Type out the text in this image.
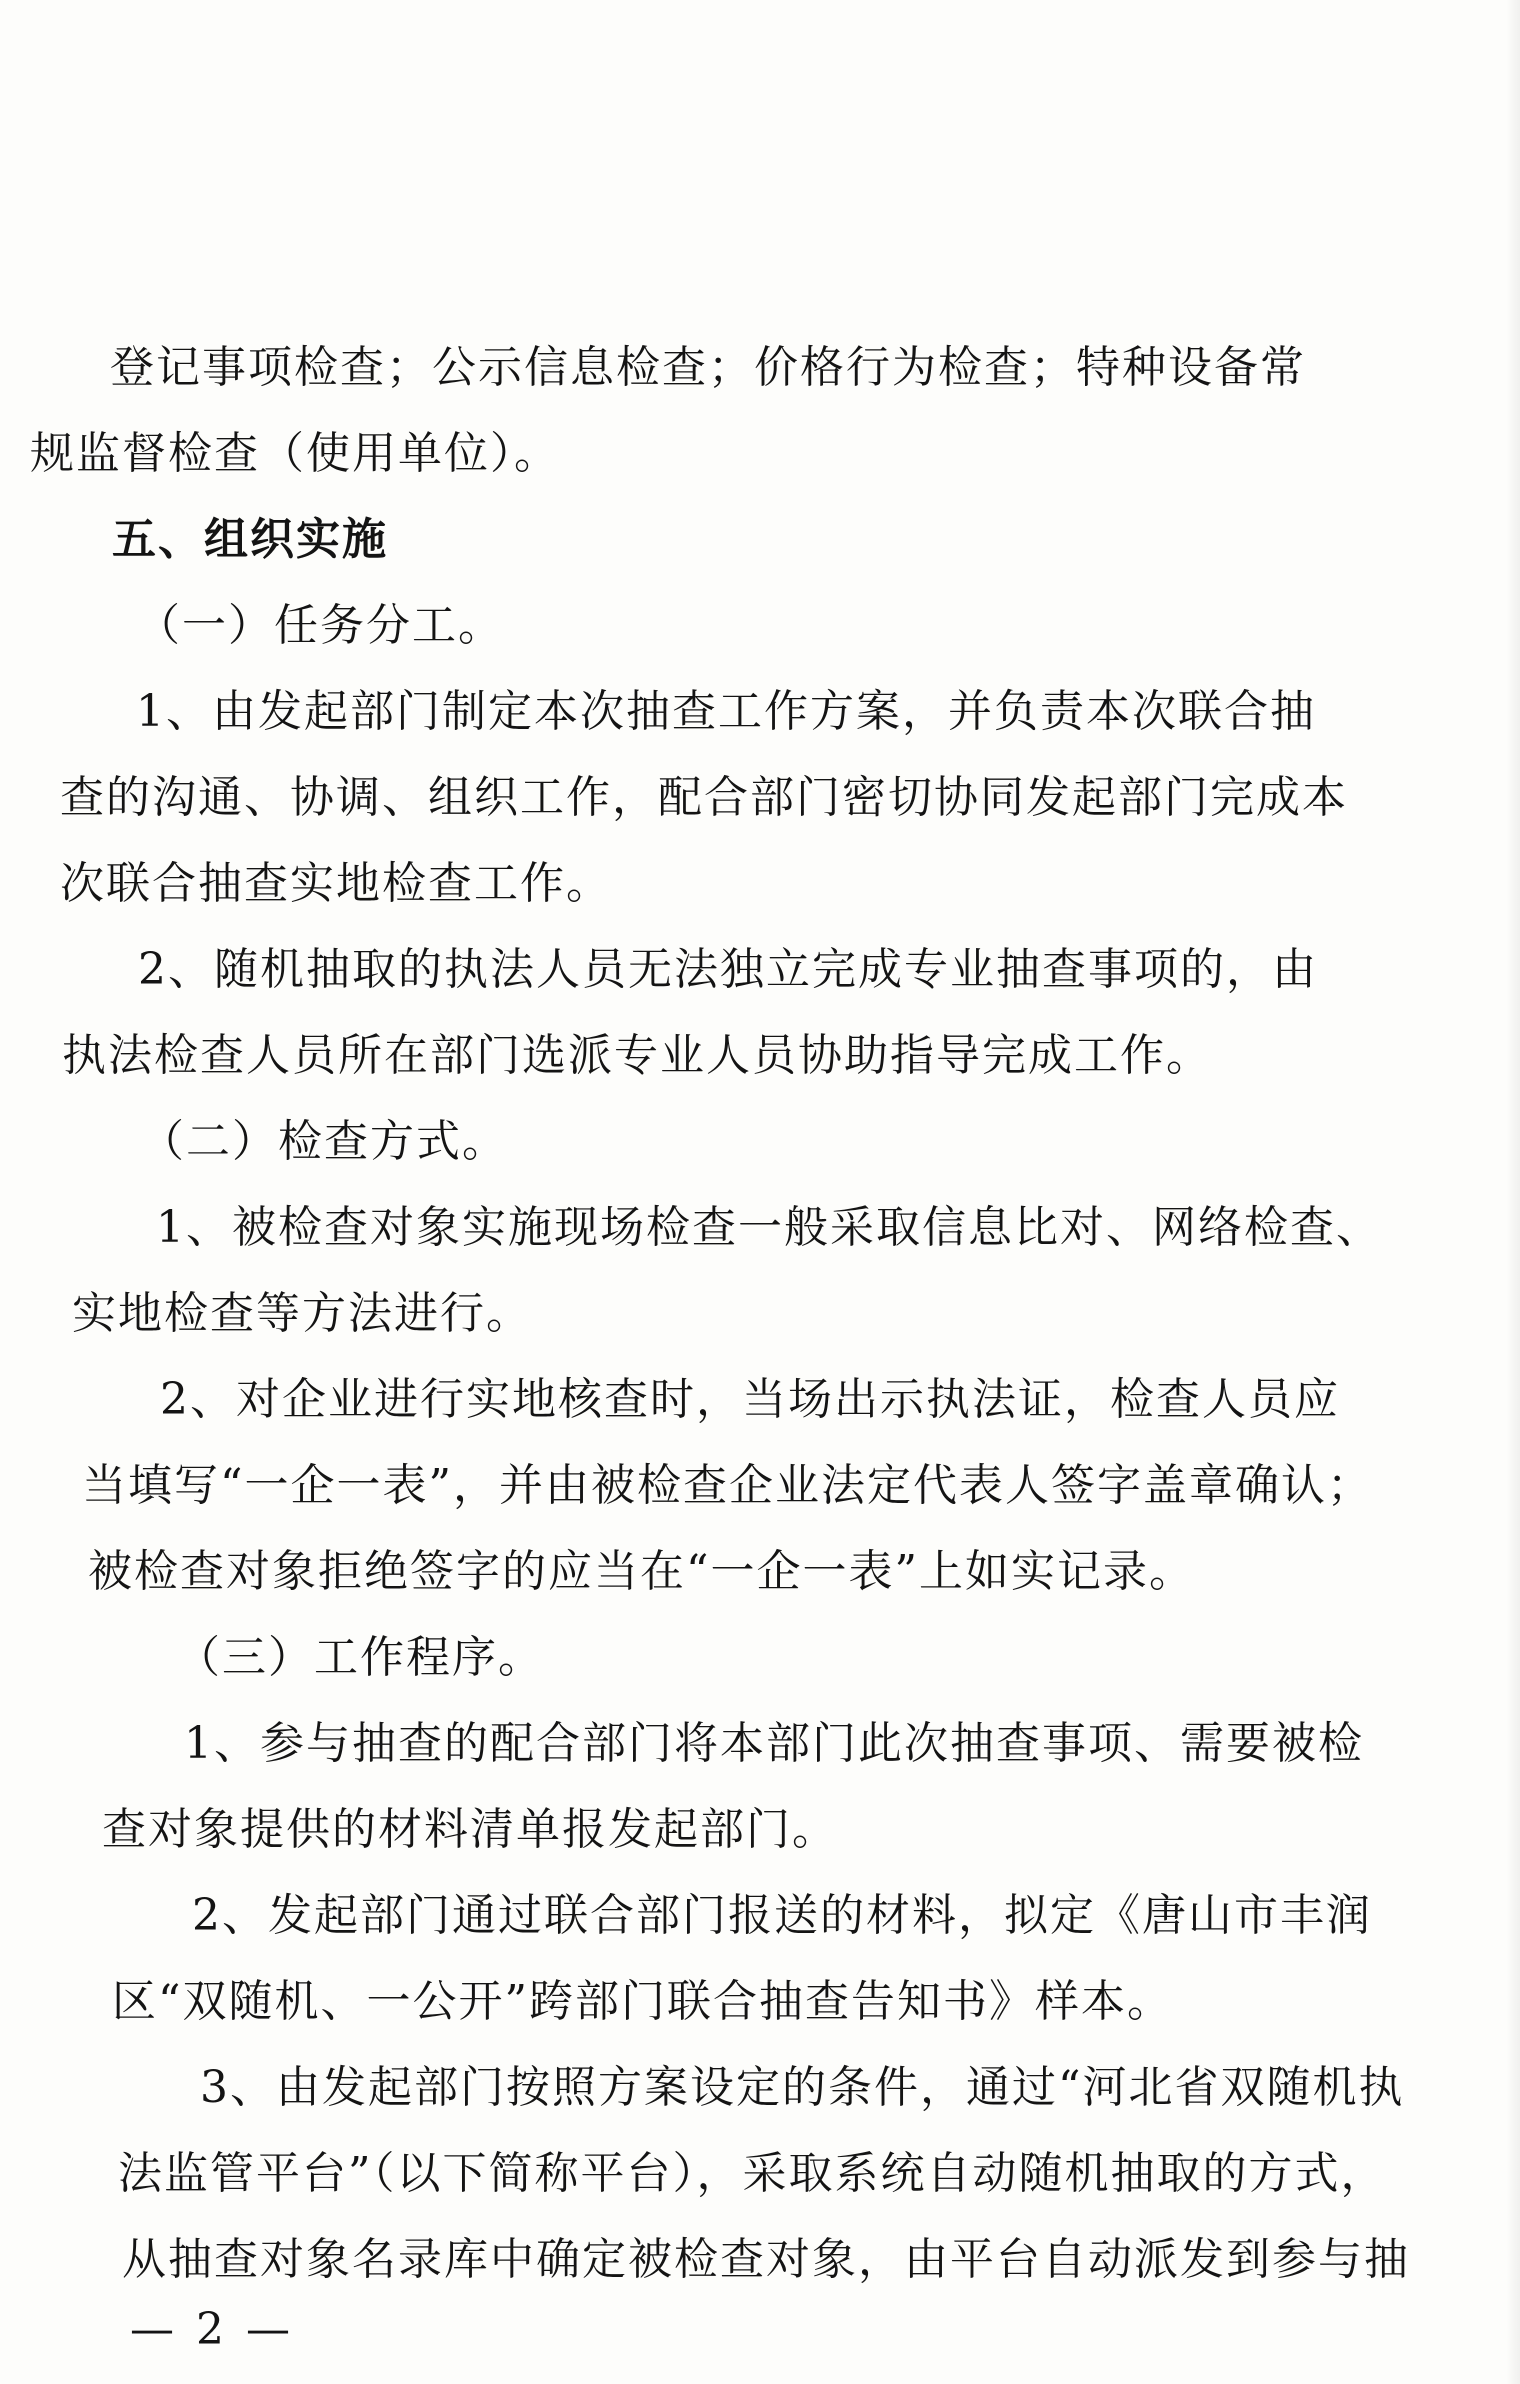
登记事项检查；公示信息检查；价格行为检查；特种设备常
规监督检查（使用单位）。
五、组织实施
（一）任务分工。
1、由发起部门制定本次抽查工作方案，并负责本次联合抽
查的沟通、协调、组织工作，配合部门密切协同发起部门完成本
次联合抽查实地检查工作。
2、随机抽取的执法人员无法独立完成专业抽查事项的，由
执法检查人员所在部门选派专业人员协助指导完成工作。
（二）检查方式。
1、被检查对象实施现场检查一般采取信息比对、网络检查、
实地检查等方法进行。
2、对企业进行实地核查时，当场出示执法证，检查人员应
当填写“一企一表”，并由被检查企业法定代表人签字盖章确认；
被检查对象拒绝签字的应当在“一企一表”上如实记录。
（三）工作程序。
1、参与抽查的配合部门将本部门此次抽查事项、需要被检
查对象提供的材料清单报发起部门。
2、发起部门通过联合部门报送的材料，拟定《唐山市丰润
区“双随机、一公开”跨部门联合抽查告知书》样本。
3、由发起部门按照方案设定的条件，通过“河北省双随机执
法监管平台”（以下简称平台），采取系统自动随机抽取的方式，
从抽查对象名录库中确定被检查对象，由平台自动派发到参与抽
— 2 —
